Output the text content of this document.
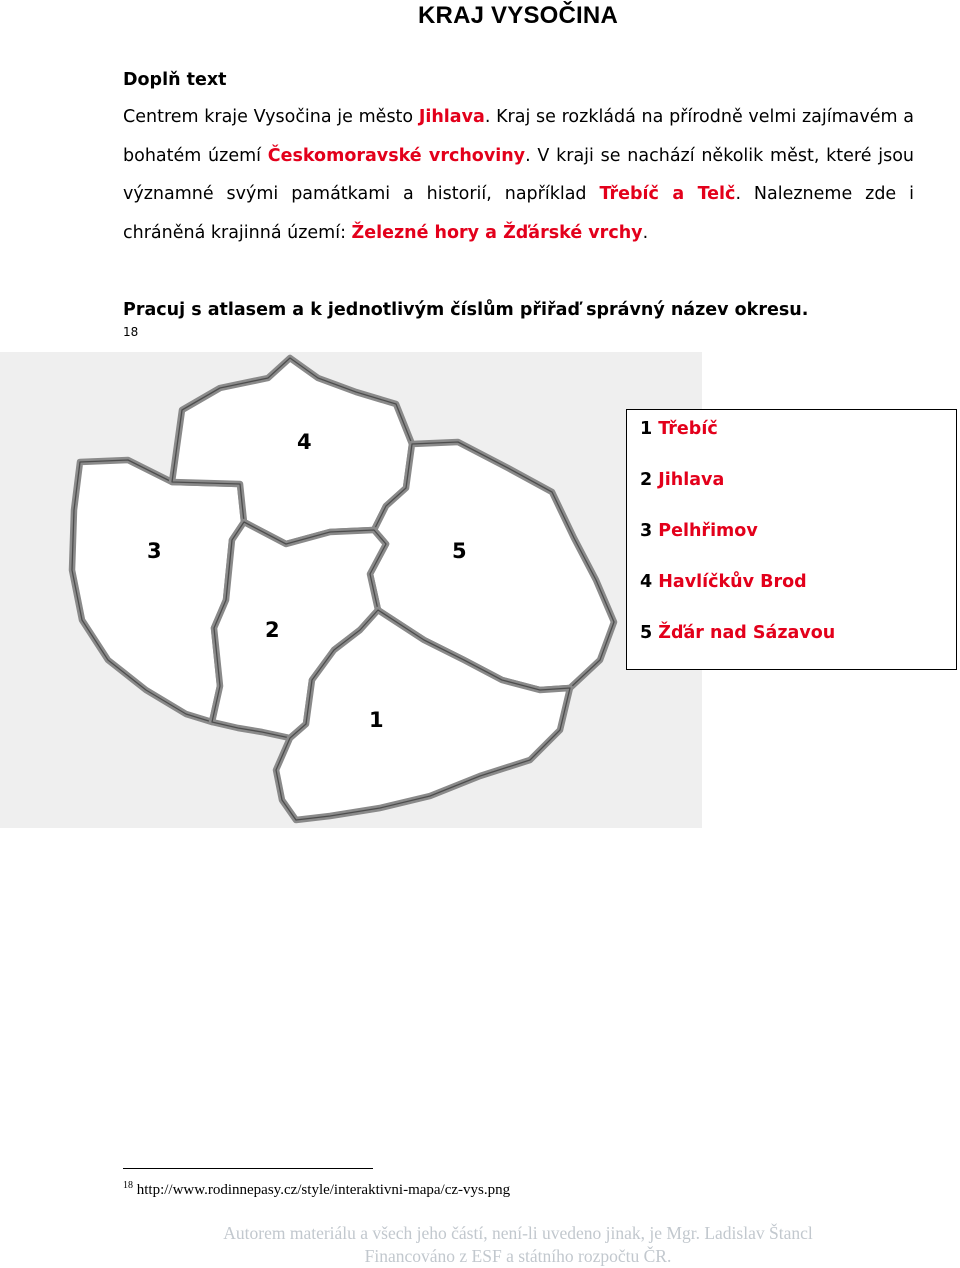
KRAJ VYSOČINA
Doplň text

Centrem kraje Vysočina je město Jihlava. Kraj se rozkládá na přírodně velmi zajímavém a bohatém území Českomoravské vrchoviny. V kraji se nachází několik měst, které jsou významné svými památkami a historií, například Třebíč a Telč. Nalezneme zde i chráněná krajinná území: Železné hory a Žďárské vrchy.

Pracuj s atlasem a k jednotlivým číslům přiřaď správný název okresu.
18
4
3	5
2
1
1 Třebíč
2 Jihlava
3 Pelhřimov
4 Havlíčkův Brod
5 Žďár nad Sázavou
$^{18}$ http://www.rodinnepasy.cz/style/interaktivni-mapa/cz-vys.png
Autorem materiálu a všech jeho částí, není-li uvedeno jinak, je Mgr. Ladislav Štancl
Financováno z ESF a státního rozpočtu ČR.
